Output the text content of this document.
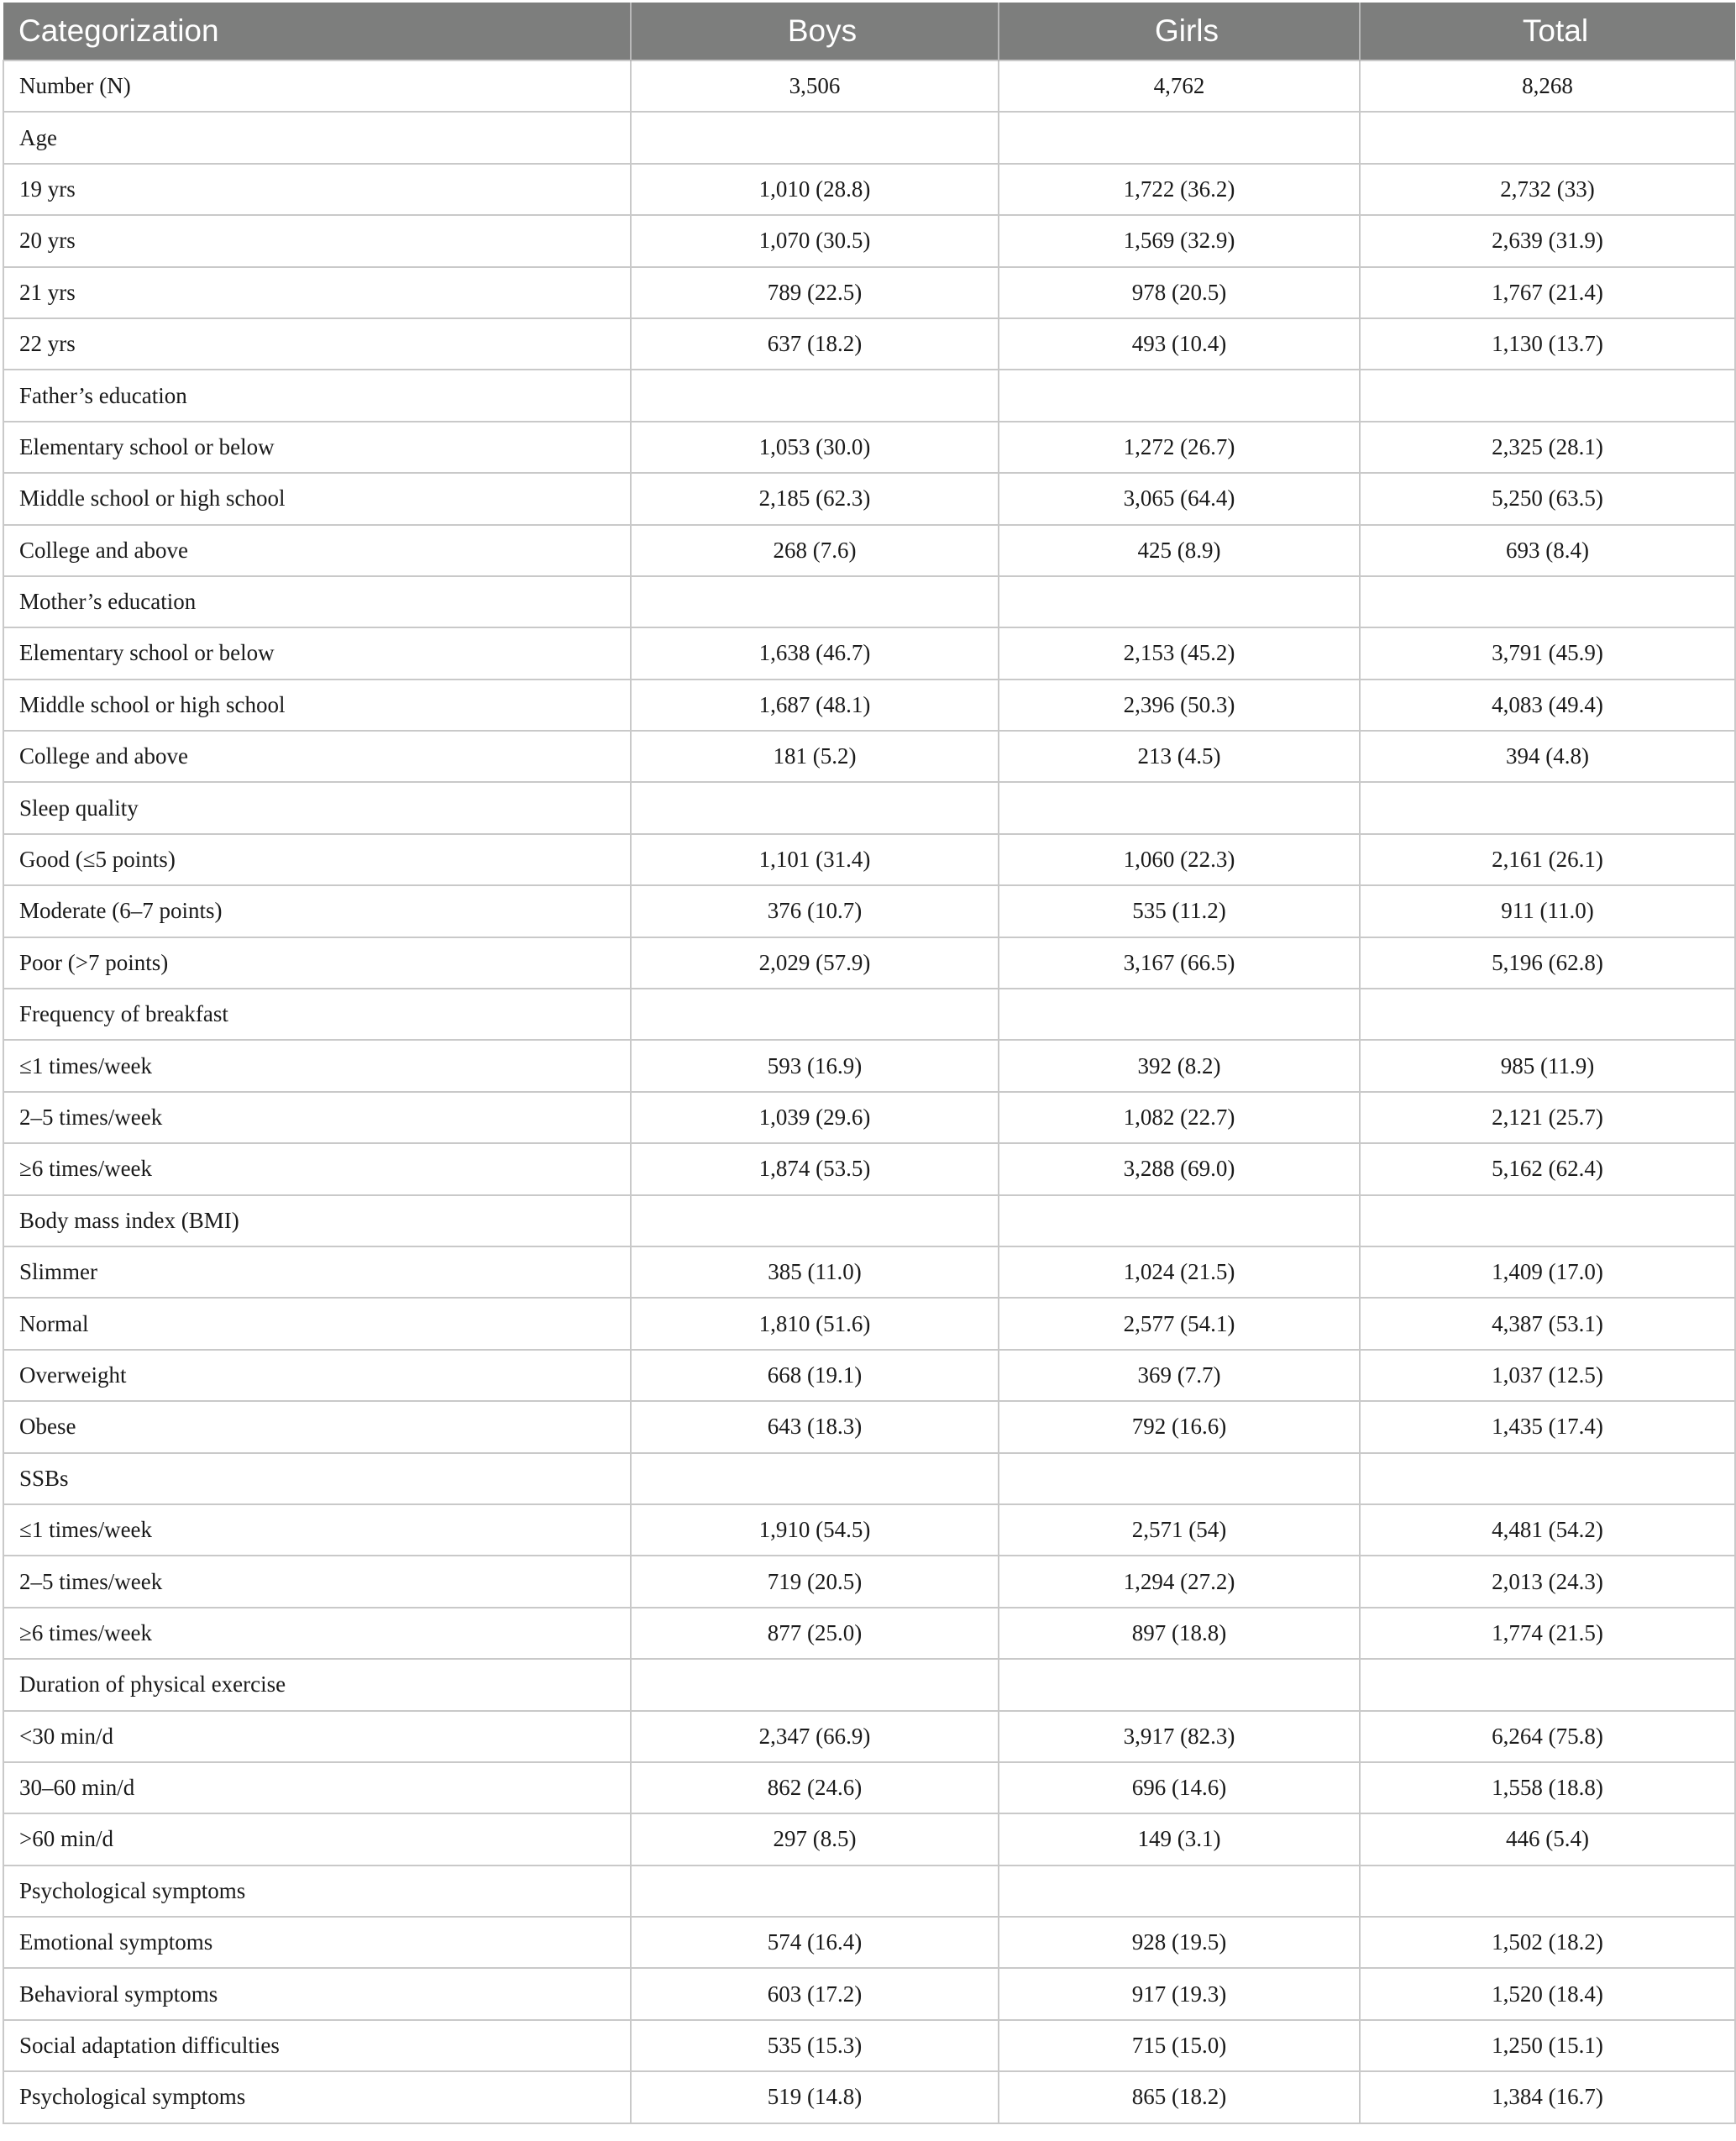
Categorization	Boys	Girls	Total
Number (N)	3,506	4,762	8,268
Age			
19 yrs	1,010 (28.8)	1,722 (36.2)	2,732 (33)
20 yrs	1,070 (30.5)	1,569 (32.9)	2,639 (31.9)
21 yrs	789 (22.5)	978 (20.5)	1,767 (21.4)
22 yrs	637 (18.2)	493 (10.4)	1,130 (13.7)
Father’s education			
Elementary school or below	1,053 (30.0)	1,272 (26.7)	2,325 (28.1)
Middle school or high school	2,185 (62.3)	3,065 (64.4)	5,250 (63.5)
College and above	268 (7.6)	425 (8.9)	693 (8.4)
Mother’s education			
Elementary school or below	1,638 (46.7)	2,153 (45.2)	3,791 (45.9)
Middle school or high school	1,687 (48.1)	2,396 (50.3)	4,083 (49.4)
College and above	181 (5.2)	213 (4.5)	394 (4.8)
Sleep quality			
Good (≤5 points)	1,101 (31.4)	1,060 (22.3)	2,161 (26.1)
Moderate (6–7 points)	376 (10.7)	535 (11.2)	911 (11.0)
Poor (>7 points)	2,029 (57.9)	3,167 (66.5)	5,196 (62.8)
Frequency of breakfast			
≤1 times/week	593 (16.9)	392 (8.2)	985 (11.9)
2–5 times/week	1,039 (29.6)	1,082 (22.7)	2,121 (25.7)
≥6 times/week	1,874 (53.5)	3,288 (69.0)	5,162 (62.4)
Body mass index (BMI)			
Slimmer	385 (11.0)	1,024 (21.5)	1,409 (17.0)
Normal	1,810 (51.6)	2,577 (54.1)	4,387 (53.1)
Overweight	668 (19.1)	369 (7.7)	1,037 (12.5)
Obese	643 (18.3)	792 (16.6)	1,435 (17.4)
SSBs			
≤1 times/week	1,910 (54.5)	2,571 (54)	4,481 (54.2)
2–5 times/week	719 (20.5)	1,294 (27.2)	2,013 (24.3)
≥6 times/week	877 (25.0)	897 (18.8)	1,774 (21.5)
Duration of physical exercise			
<30 min/d	2,347 (66.9)	3,917 (82.3)	6,264 (75.8)
30–60 min/d	862 (24.6)	696 (14.6)	1,558 (18.8)
>60 min/d	297 (8.5)	149 (3.1)	446 (5.4)
Psychological symptoms			
Emotional symptoms	574 (16.4)	928 (19.5)	1,502 (18.2)
Behavioral symptoms	603 (17.2)	917 (19.3)	1,520 (18.4)
Social adaptation difficulties	535 (15.3)	715 (15.0)	1,250 (15.1)
Psychological symptoms	519 (14.8)	865 (18.2)	1,384 (16.7)
